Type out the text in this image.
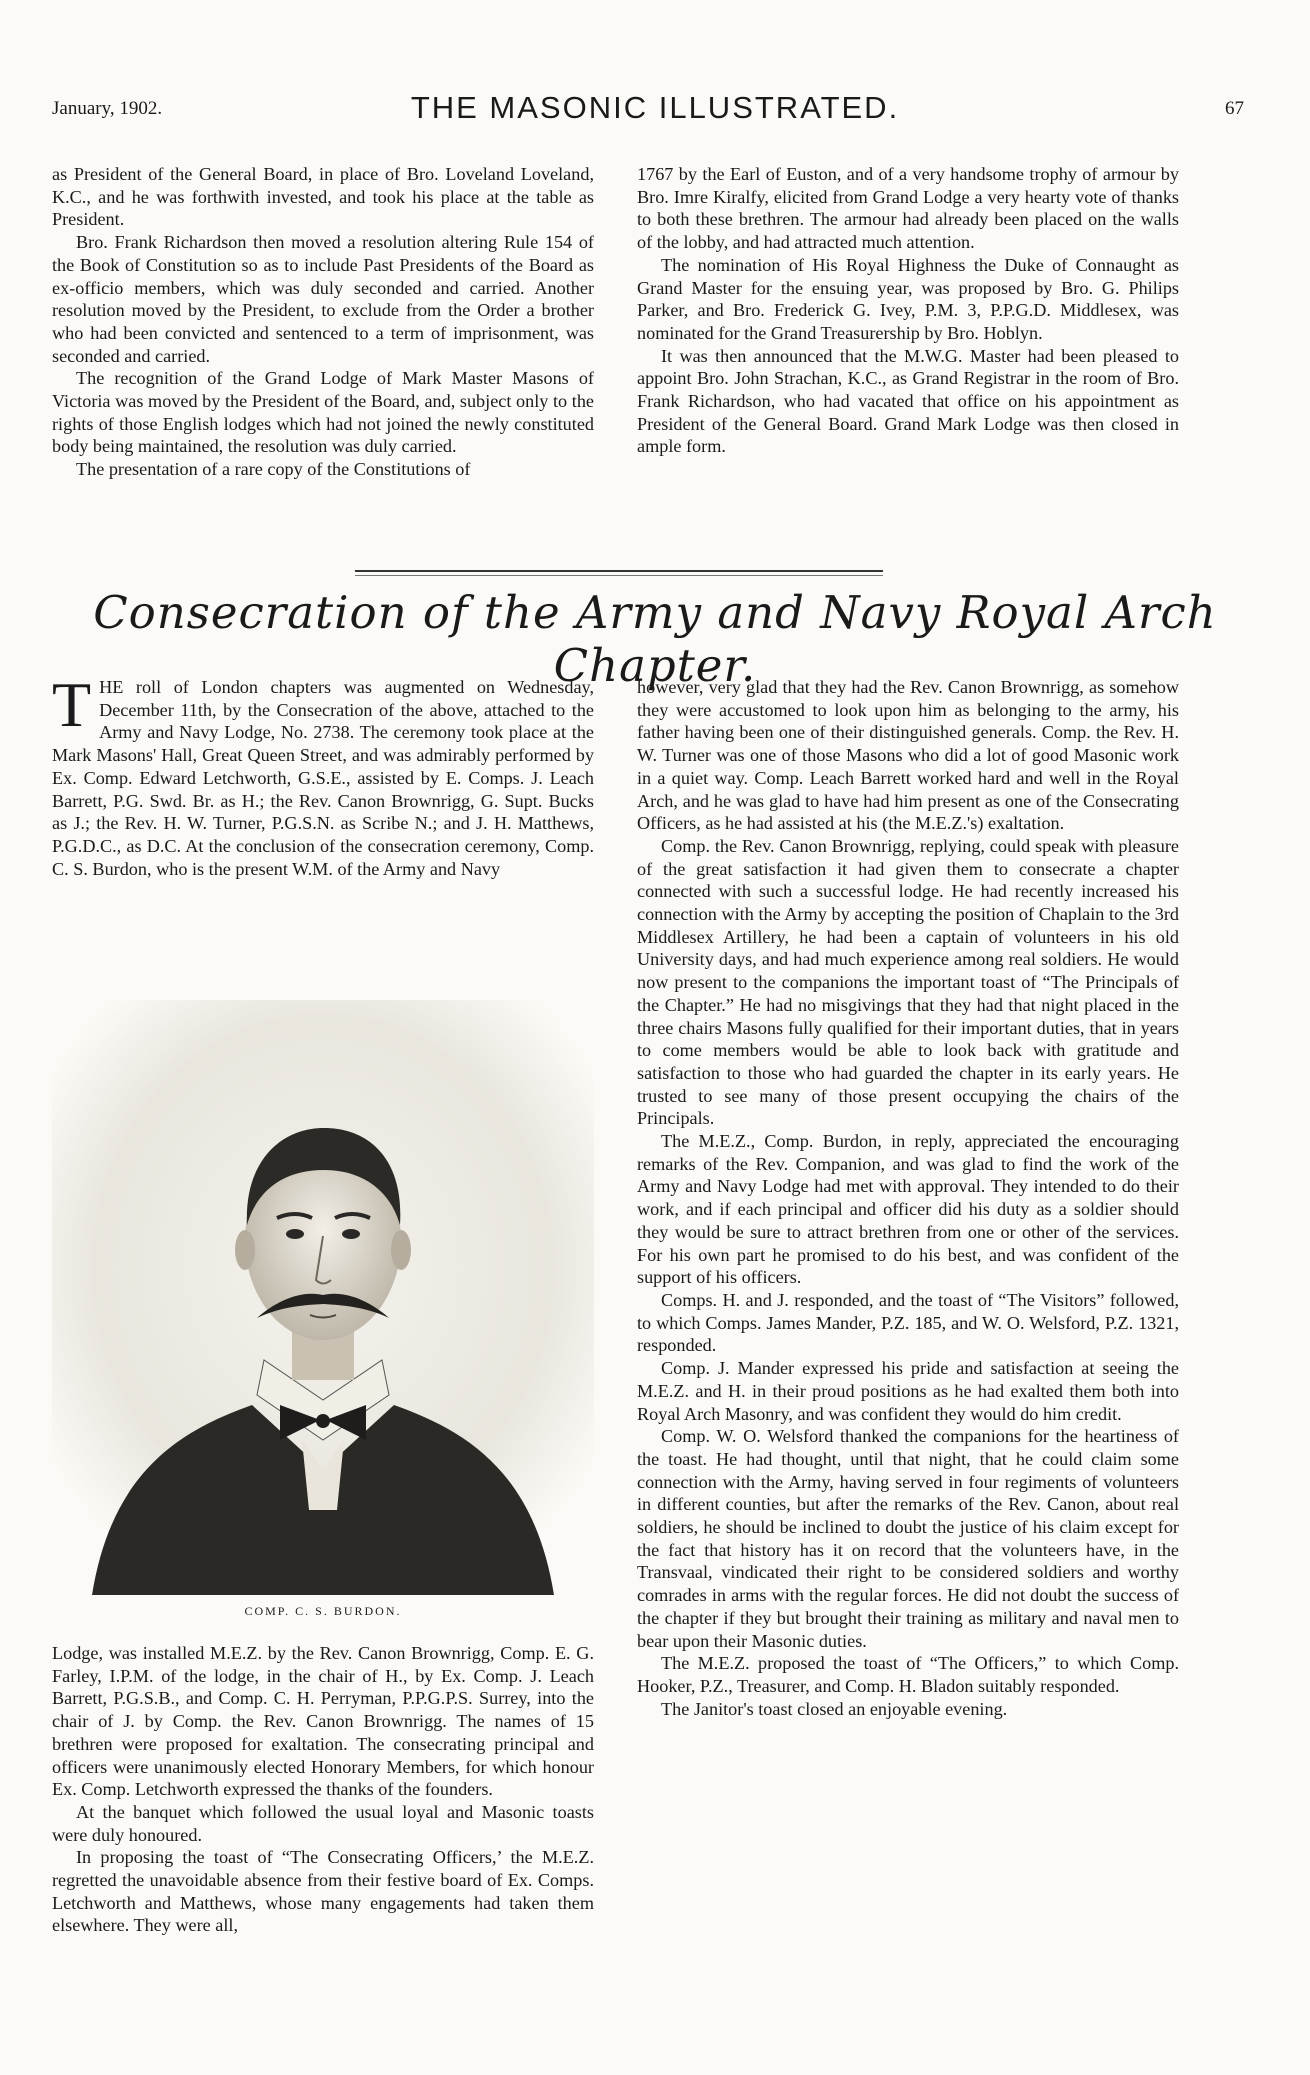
January, 1902.	THE MASONIC ILLUSTRATED.	67

as President of the General Board, in place of Bro. Loveland Loveland, K.C., and he was forthwith invested, and took his place at the table as President.

Bro. Frank Richardson then moved a resolution altering Rule 154 of the Book of Constitution so as to include Past Presidents of the Board as ex-officio members, which was duly seconded and carried. Another resolution moved by the President, to exclude from the Order a brother who had been convicted and sentenced to a term of imprisonment, was seconded and carried.

The recognition of the Grand Lodge of Mark Master Masons of Victoria was moved by the President of the Board, and, subject only to the rights of those English lodges which had not joined the newly constituted body being maintained, the resolution was duly carried.

The presentation of a rare copy of the Constitutions of

1767 by the Earl of Euston, and of a very handsome trophy of armour by Bro. Imre Kiralfy, elicited from Grand Lodge a very hearty vote of thanks to both these brethren. The armour had already been placed on the walls of the lobby, and had attracted much attention.

The nomination of His Royal Highness the Duke of Connaught as Grand Master for the ensuing year, was proposed by Bro. G. Philips Parker, and Bro. Frederick G. Ivey, P.M. 3, P.P.G.D. Middlesex, was nominated for the Grand Treasurership by Bro. Hoblyn.

It was then announced that the M.W.G. Master had been pleased to appoint Bro. John Strachan, K.C., as Grand Registrar in the room of Bro. Frank Richardson, who had vacated that office on his appointment as President of the General Board. Grand Mark Lodge was then closed in ample form.

Consecration of the Army and Navy Royal Arch Chapter.

THE roll of London chapters was augmented on Wednesday, December 11th, by the Consecration of the above, attached to the Army and Navy Lodge, No. 2738. The ceremony took place at the Mark Masons' Hall, Great Queen Street, and was admirably performed by Ex. Comp. Edward Letchworth, G.S.E., assisted by E. Comps. J. Leach Barrett, P.G. Swd. Br. as H.; the Rev. Canon Brownrigg, G. Supt. Bucks as J.; the Rev. H. W. Turner, P.G.S.N. as Scribe N.; and J. H. Matthews, P.G.D.C., as D.C. At the conclusion of the consecration ceremony, Comp. C. S. Burdon, who is the present W.M. of the Army and Navy

COMP. C. S. BURDON.

Lodge, was installed M.E.Z. by the Rev. Canon Brownrigg, Comp. E. G. Farley, I.P.M. of the lodge, in the chair of H., by Ex. Comp. J. Leach Barrett, P.G.S.B., and Comp. C. H. Perryman, P.P.G.P.S. Surrey, into the chair of J. by Comp. the Rev. Canon Brownrigg. The names of 15 brethren were proposed for exaltation. The consecrating principal and officers were unanimously elected Honorary Members, for which honour Ex. Comp. Letchworth expressed the thanks of the founders.

At the banquet which followed the usual loyal and Masonic toasts were duly honoured.

In proposing the toast of “The Consecrating Officers,’ the M.E.Z. regretted the unavoidable absence from their festive board of Ex. Comps. Letchworth and Matthews, whose many engagements had taken them elsewhere. They were all,

however, very glad that they had the Rev. Canon Brownrigg, as somehow they were accustomed to look upon him as belonging to the army, his father having been one of their distinguished generals. Comp. the Rev. H. W. Turner was one of those Masons who did a lot of good Masonic work in a quiet way. Comp. Leach Barrett worked hard and well in the Royal Arch, and he was glad to have had him present as one of the Consecrating Officers, as he had assisted at his (the M.E.Z.'s) exaltation.

Comp. the Rev. Canon Brownrigg, replying, could speak with pleasure of the great satisfaction it had given them to consecrate a chapter connected with such a successful lodge. He had recently increased his connection with the Army by accepting the position of Chaplain to the 3rd Middlesex Artillery, he had been a captain of volunteers in his old University days, and had much experience among real soldiers. He would now present to the companions the important toast of “The Principals of the Chapter.” He had no misgivings that they had that night placed in the three chairs Masons fully qualified for their important duties, that in years to come members would be able to look back with gratitude and satisfaction to those who had guarded the chapter in its early years. He trusted to see many of those present occupying the chairs of the Principals.

The M.E.Z., Comp. Burdon, in reply, appreciated the encouraging remarks of the Rev. Companion, and was glad to find the work of the Army and Navy Lodge had met with approval. They intended to do their work, and if each principal and officer did his duty as a soldier should they would be sure to attract brethren from one or other of the services. For his own part he promised to do his best, and was confident of the support of his officers.

Comps. H. and J. responded, and the toast of “The Visitors” followed, to which Comps. James Mander, P.Z. 185, and W. O. Welsford, P.Z. 1321, responded.

Comp. J. Mander expressed his pride and satisfaction at seeing the M.E.Z. and H. in their proud positions as he had exalted them both into Royal Arch Masonry, and was confident they would do him credit.

Comp. W. O. Welsford thanked the companions for the heartiness of the toast. He had thought, until that night, that he could claim some connection with the Army, having served in four regiments of volunteers in different counties, but after the remarks of the Rev. Canon, about real soldiers, he should be inclined to doubt the justice of his claim except for the fact that history has it on record that the volunteers have, in the Transvaal, vindicated their right to be considered soldiers and worthy comrades in arms with the regular forces. He did not doubt the success of the chapter if they but brought their training as military and naval men to bear upon their Masonic duties.

The M.E.Z. proposed the toast of “The Officers,” to which Comp. Hooker, P.Z., Treasurer, and Comp. H. Bladon suitably responded.

The Janitor's toast closed an enjoyable evening.
